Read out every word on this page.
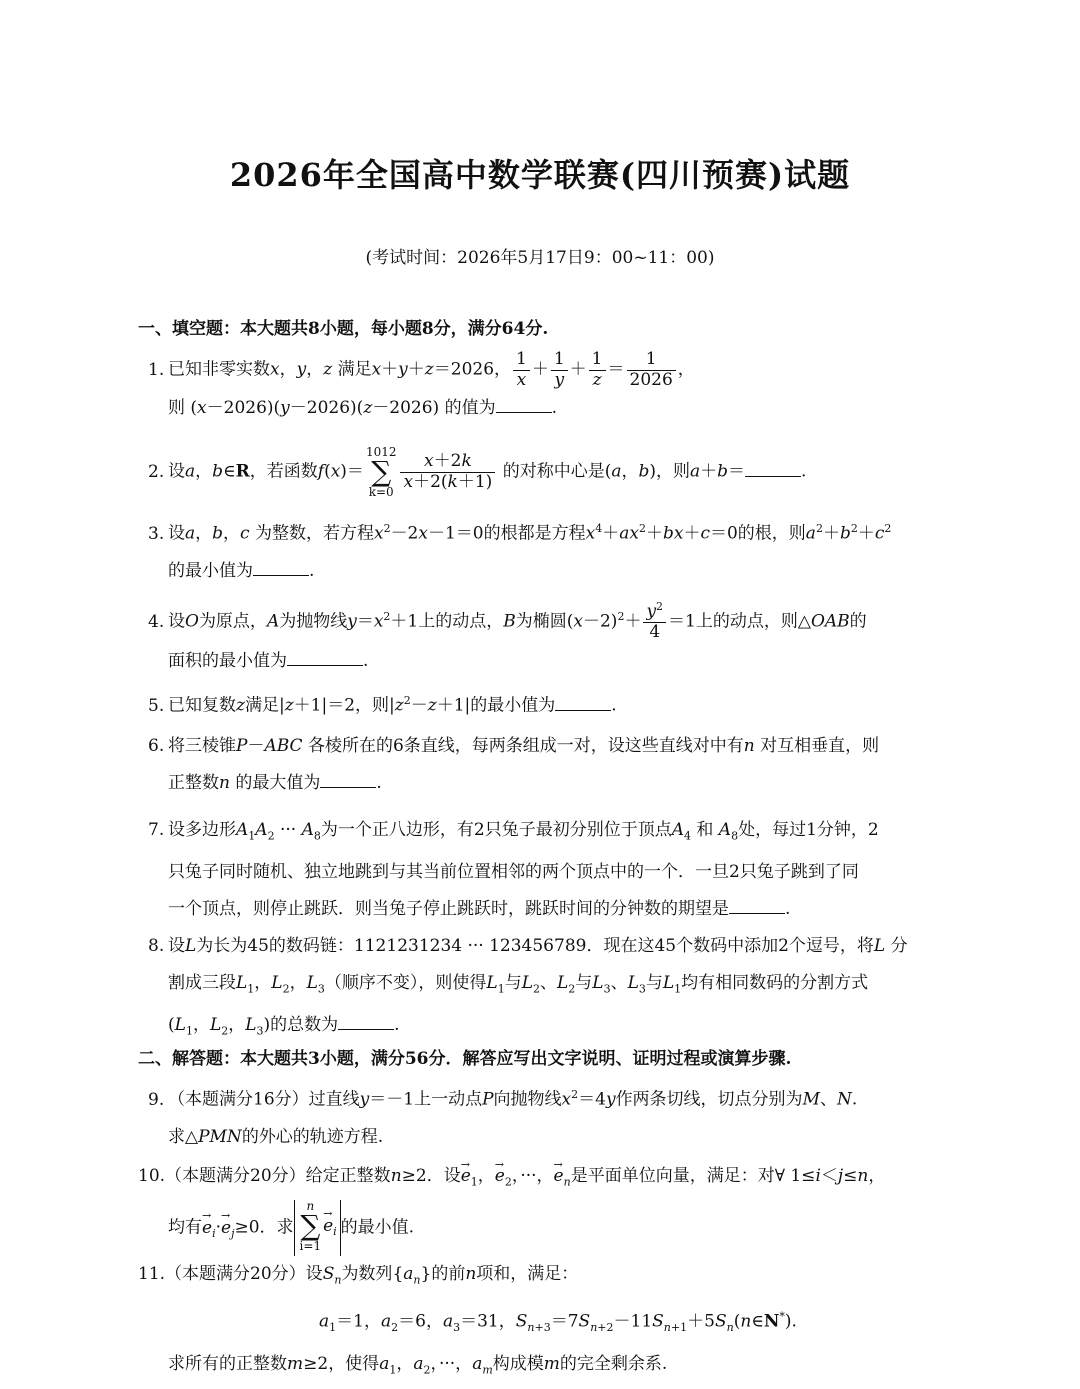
2026年全国高中数学联赛(四川预赛)试题
(考试时间：2026年5月17日9：00~11：00)
一、填空题：本大题共8小题，每小题8分，满分64分.
1. 已知非零实数x，y，z 满足x＋y＋z＝2026， $\frac{1}{x} + \frac{1}{y} + \frac{1}{z} = \frac{1}{2026}$ ，
则 (x－2026)(y－2026)(z－2026) 的值为	.
2. 设a，b∈R，若函数f(x)＝1012
∑
$k=0 \frac{x+2k}{x+2(k+1)}$ 的对称中心是(a，b)，则a＋b＝	.
3. 设a，b，c 为整数，若方程$x^2-2x-1=0$的根都是方程$x^4+ax^2+bx+c=0$的根，则$a^2+b^2+c^2$
的最小值为	.
4. 设O为原点，A为抛物线$y=x^2+1$上的动点，B为椭圆$(x-2)^2+ \frac{y^2}{4} =1$上的动点，则△OAB的
面积的最小值为	.
5. 已知复数z满足|z＋1|＝2，则$|z^2-z+1|$的最小值为	.
6. 将三棱锥P－ABC 各棱所在的6条直线，每两条组成一对，设这些直线对中有n 对互相垂直，则
正整数n 的最大值为	.
7. 设多边形$A_1A_2$ ··· $A_8$为一个正八边形，有2只兔子最初分别位于顶点$A_4$ 和 $A_8$处，每过1分钟，2
只兔子同时随机、独立地跳到与其当前位置相邻的两个顶点中的一个．一旦2只兔子跳到了同
一个顶点，则停止跳跃．则当兔子停止跳跃时，跳跃时间的分钟数的期望是	.
8. 设L为长为45的数码链：1121231234 ··· 123456789．现在这45个数码中添加2个逗号，将L 分
割成三段$L_1$，$L_2$，$L_3$（顺序不变），则使得$L_1$与$L_2$、$L_2$与$L_3$、$L_3$与$L_1$均有相同数码的分割方式
($L_1$，$L_2$，$L_3$)的总数为	.
二、解答题：本大题共3小题，满分56分．解答应写出文字说明、证明过程或演算步骤.
9. （本题满分16分）过直线y＝－1上一动点P向抛物线$x^2=4y$作两条切线，切点分别为M、N.
求△PMN的外心的轨迹方程.
10.（本题满分20分）给定正整数n≥2．设→ $e_1$，→ $e_2$，···，→ $e_n$是平面单位向量，满足：对∀ 1≤i＜j≤n，
均有→ $e_i\cdot\to e_j\ge 0$．求n
∑
$i=1\to e_i$ 的最小值.
11.（本题满分20分）设$S_n$为数列$\{a_n\}$的前n项和，满足：
$a_1=1$，$a_2=6$，$a_3=31$，$S_{n+3}=7S_{n+2}-11S_{n+1}+5S_n(n\in N^*)$.
求所有的正整数m≥2，使得$a_1$，$a_2$，···，$a_m$构成模m的完全剩余系.
